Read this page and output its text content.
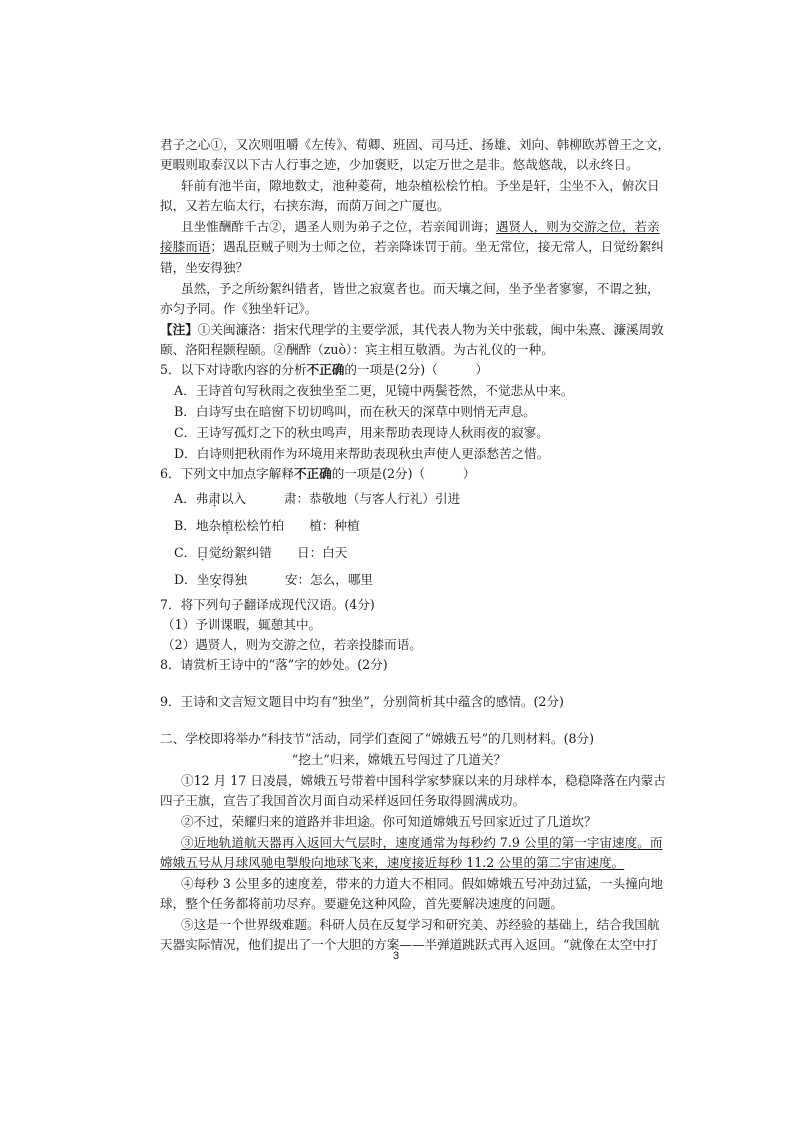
君子之心①，又次则咀嚼《左传》、荀卿、班固、司马迁、扬雄、刘向、韩柳欧苏曾王之文，
更暇则取泰汉以下古人行事之迹，少加褒贬，以定万世之是非。悠哉悠哉，以永终日。
轩前有池半亩，隙地数丈，池种菱荷，地杂植松桧竹柏。予坐是轩，尘坐不入，俯次日
拟，又若左临太行，右挟东海，而荫万间之广厦也。
且坐惟酬酢千古②，遇圣人则为弟子之位，若亲闻训诲；遇贤人，则为交游之位，若亲
接膝而语；遇乱臣贼子则为士师之位，若亲降诛罚于前。坐无常位，接无常人，日觉纷絮纠
错，坐安得独？
虽然，予之所纷絮纠错者，皆世之寂寞者也。而天壤之间，坐予坐者寥寥，不谓之独，
亦匀予同。作《独坐轩记》。
【注】①关闽濂洛：指宋代理学的主要学派，其代表人物为关中张载，闽中朱熹、濂溪周敦
颐、洛阳程颢程颐。②酬酢（zuò）：宾主相互敬酒。为古礼仪的一种。
5．以下对诗歌内容的分析不正确的一项是(2分)（　　　）
A．王诗首句写秋雨之夜独坐至二更，见镜中两鬓苍然，不觉悲从中来。
B．白诗写虫在暗窗下切切鸣叫，而在秋天的深草中则悄无声息。
C．王诗写孤灯之下的秋虫鸣声，用来帮助表现诗人秋雨夜的寂寥。
D．白诗则把秋雨作为环境用来帮助表现秋虫声使人更添愁苦之惜。
6．下列文中加点字解释不正确的一项是(2分)（　　　）
A．弗肃以入　　　肃：恭敬地（与客人行礼）引进
B．地杂植松桧竹柏　　植：种植
C．日觉纷絮纠错　　日：白天
D．坐安得独　　　安：怎么，哪里
7．将下列句子翻译成现代汉语。(4分)
（1）予训课暇，辄憩其中。
（2）遇贤人，则为交游之位，若亲投膝而语。
8．请赏析王诗中的“落”字的妙处。(2分)
9．王诗和文言短文题目中均有“独坐”，分别简析其中蕴含的感情。(2分)
二、学校即将举办“科技节”活动，同学们查阅了“嫦娥五号”的几则材料。(8分)
“挖土”归来，嫦娥五号闯过了几道关？
①12 月 17 日凌晨，嫦娥五号带着中国科学家梦寐以来的月球样本，稳稳降落在内蒙古
四子王旗，宣告了我国首次月面自动采样返回任务取得圆满成功。
②不过，荣耀归来的道路并非坦途。你可知道嫦娥五号回家近过了几道坎？
③近地轨道航天器再入返回大气层时，速度通常为每秒约 7.9 公里的第一宇宙速度。而
嫦娥五号从月球风驰电掣般向地球飞来，速度接近每秒 11.2 公里的第二宇宙速度。
④每秒 3 公里多的速度差，带来的力道大不相同。假如嫦娥五号冲劲过猛，一头撞向地
球，整个任务都将前功尽弃。要避免这种风险，首先要解决速度的问题。
⑤这是一个世界级难题。科研人员在反复学习和研究美、苏经验的基础上，结合我国航
天器实际情况，他们提出了一个大胆的方案——半弹道跳跃式再入返回。“就像在太空中打
3
